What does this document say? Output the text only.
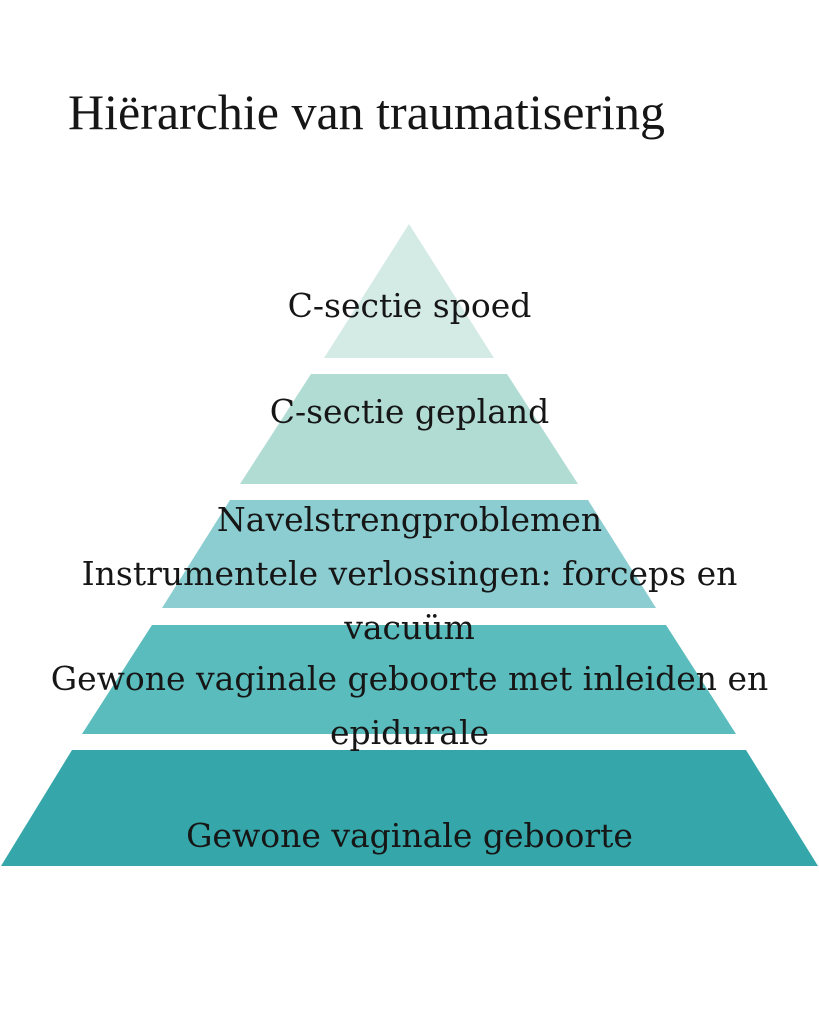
Hiërarchie van traumatisering
C-sectie spoed
C-sectie gepland
Navelstrengproblemen
Instrumentele verlossingen: forceps en
vacuüm
Gewone vaginale geboorte met inleiden en
epidurale
Gewone vaginale geboorte
